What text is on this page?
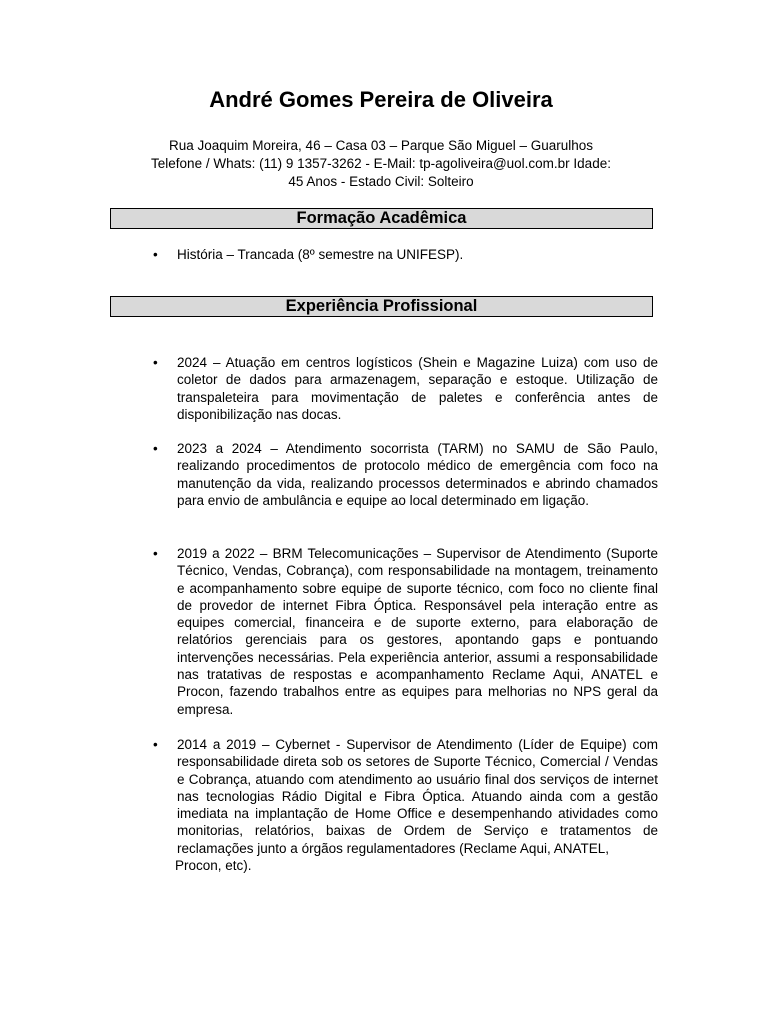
André Gomes Pereira de Oliveira
Rua Joaquim Moreira, 46 – Casa 03 – Parque São Miguel – Guarulhos
Telefone / Whats: (11) 9 1357-3262 - E-Mail: tp-agoliveira@uol.com.br Idade:
45 Anos - Estado Civil: Solteiro
Formação Acadêmica
• História – Trancada (8º semestre na UNIFESP).
Experiência Profissional
• 2024 – Atuação em centros logísticos (Shein e Magazine Luiza) com uso de coletor de dados para armazenagem, separação e estoque. Utilização de transpaleteira para movimentação de paletes e conferência antes de disponibilização nas docas.
• 2023 a 2024 – Atendimento socorrista (TARM) no SAMU de São Paulo, realizando procedimentos de protocolo médico de emergência com foco na manutenção da vida, realizando processos determinados e abrindo chamados para envio de ambulância e equipe ao local determinado em ligação.
• 2019 a 2022 – BRM Telecomunicações – Supervisor de Atendimento (Suporte Técnico, Vendas, Cobrança), com responsabilidade na montagem, treinamento e acompanhamento sobre equipe de suporte técnico, com foco no cliente final de provedor de internet Fibra Óptica. Responsável pela interação entre as equipes comercial, financeira e de suporte externo, para elaboração de relatórios gerenciais para os gestores, apontando gaps e pontuando intervenções necessárias. Pela experiência anterior, assumi a responsabilidade nas tratativas de respostas e acompanhamento Reclame Aqui, ANATEL e Procon, fazendo trabalhos entre as equipes para melhorias no NPS geral da empresa.
• 2014 a 2019 – Cybernet - Supervisor de Atendimento (Líder de Equipe) com responsabilidade direta sob os setores de Suporte Técnico, Comercial / Vendas e Cobrança, atuando com atendimento ao usuário final dos serviços de internet nas tecnologias Rádio Digital e Fibra Óptica. Atuando ainda com a gestão imediata na implantação de Home Office e desempenhando atividades como monitorias, relatórios, baixas de Ordem de Serviço e tratamentos de reclamações junto a órgãos regulamentadores (Reclame Aqui, ANATEL,
Procon, etc).
